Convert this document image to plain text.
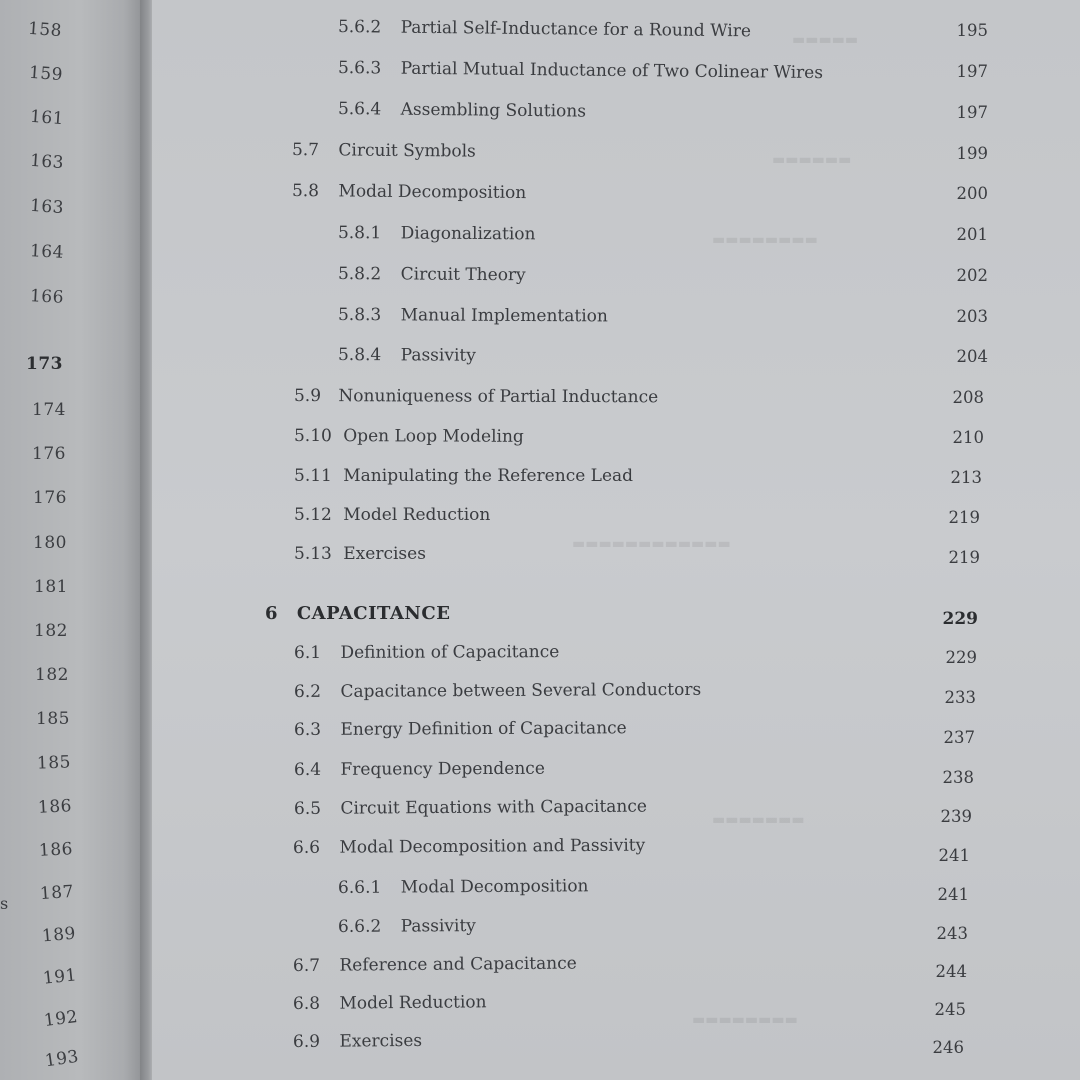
158
159
161
163
163
164
166
173
174
176
176
180
181
182
182
185
185
186
186
187
189
191
192
193
s
▬▬▬▬▬
▬▬▬▬▬▬
▬▬▬▬▬▬▬▬
▬▬▬▬▬▬▬▬▬▬▬▬
▬▬▬▬▬▬▬
▬▬▬▬▬▬▬▬
5.6.2 Partial Self-Inductance for a Round Wire	195
5.6.3 Partial Mutual Inductance of Two Colinear Wires	197
5.6.4 Assembling Solutions	197
5.7 Circuit Symbols	199
5.8 Modal Decomposition	200
5.8.1 Diagonalization	201
5.8.2 Circuit Theory	202
5.8.3 Manual Implementation	203
5.8.4 Passivity	204
5.9 Nonuniqueness of Partial Inductance	208
5.10 Open Loop Modeling	210
5.11 Manipulating the Reference Lead	213
5.12 Model Reduction	219
5.13 Exercises	219
6 CAPACITANCE	229
6.1 Definition of Capacitance	229
6.2 Capacitance between Several Conductors	233
6.3 Energy Definition of Capacitance	237
6.4 Frequency Dependence	238
6.5 Circuit Equations with Capacitance	239
6.6 Modal Decomposition and Passivity	241
6.6.1 Modal Decomposition	241
6.6.2 Passivity	243
6.7 Reference and Capacitance	244
6.8 Model Reduction	245
6.9 Exercises	246
